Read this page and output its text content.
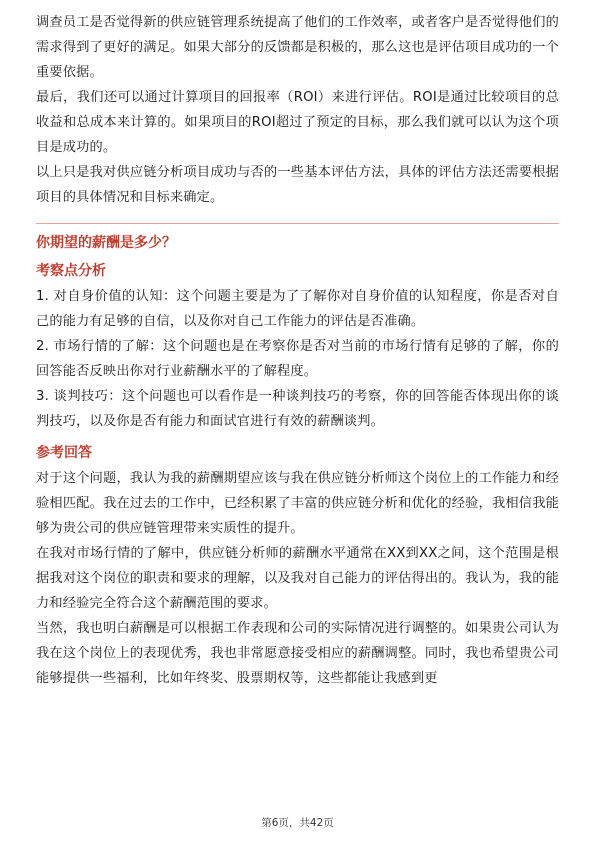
调查员工是否觉得新的供应链管理系统提高了他们的工作效率，或者客户是否觉得他们的需求得到了更好的满足。如果大部分的反馈都是积极的，那么这也是评估项目成功的一个重要依据。

最后，我们还可以通过计算项目的回报率（ROI）来进行评估。ROI是通过比较项目的总收益和总成本来计算的。如果项目的ROI超过了预定的目标，那么我们就可以认为这个项目是成功的。

以上只是我对供应链分析项目成功与否的一些基本评估方法，具体的评估方法还需要根据项目的具体情况和目标来确定。

你期望的薪酬是多少？
考察点分析

1. 对自身价值的认知：这个问题主要是为了了解你对自身价值的认知程度，你是否对自己的能力有足够的自信，以及你对自己工作能力的评估是否准确。

2. 市场行情的了解：这个问题也是在考察你是否对当前的市场行情有足够的了解，你的回答能否反映出你对行业薪酬水平的了解程度。

3. 谈判技巧：这个问题也可以看作是一种谈判技巧的考察，你的回答能否体现出你的谈判技巧，以及你是否有能力和面试官进行有效的薪酬谈判。

参考回答

对于这个问题，我认为我的薪酬期望应该与我在供应链分析师这个岗位上的工作能力和经验相匹配。我在过去的工作中，已经积累了丰富的供应链分析和优化的经验，我相信我能够为贵公司的供应链管理带来实质性的提升。

在我对市场行情的了解中，供应链分析师的薪酬水平通常在XX到XX之间，这个范围是根据我对这个岗位的职责和要求的理解，以及我对自己能力的评估得出的。我认为，我的能力和经验完全符合这个薪酬范围的要求。

当然，我也明白薪酬是可以根据工作表现和公司的实际情况进行调整的。如果贵公司认为我在这个岗位上的表现优秀，我也非常愿意接受相应的薪酬调整。同时，我也希望贵公司能够提供一些福利，比如年终奖、股票期权等，这些都能让我感到更

第6页，共42页
